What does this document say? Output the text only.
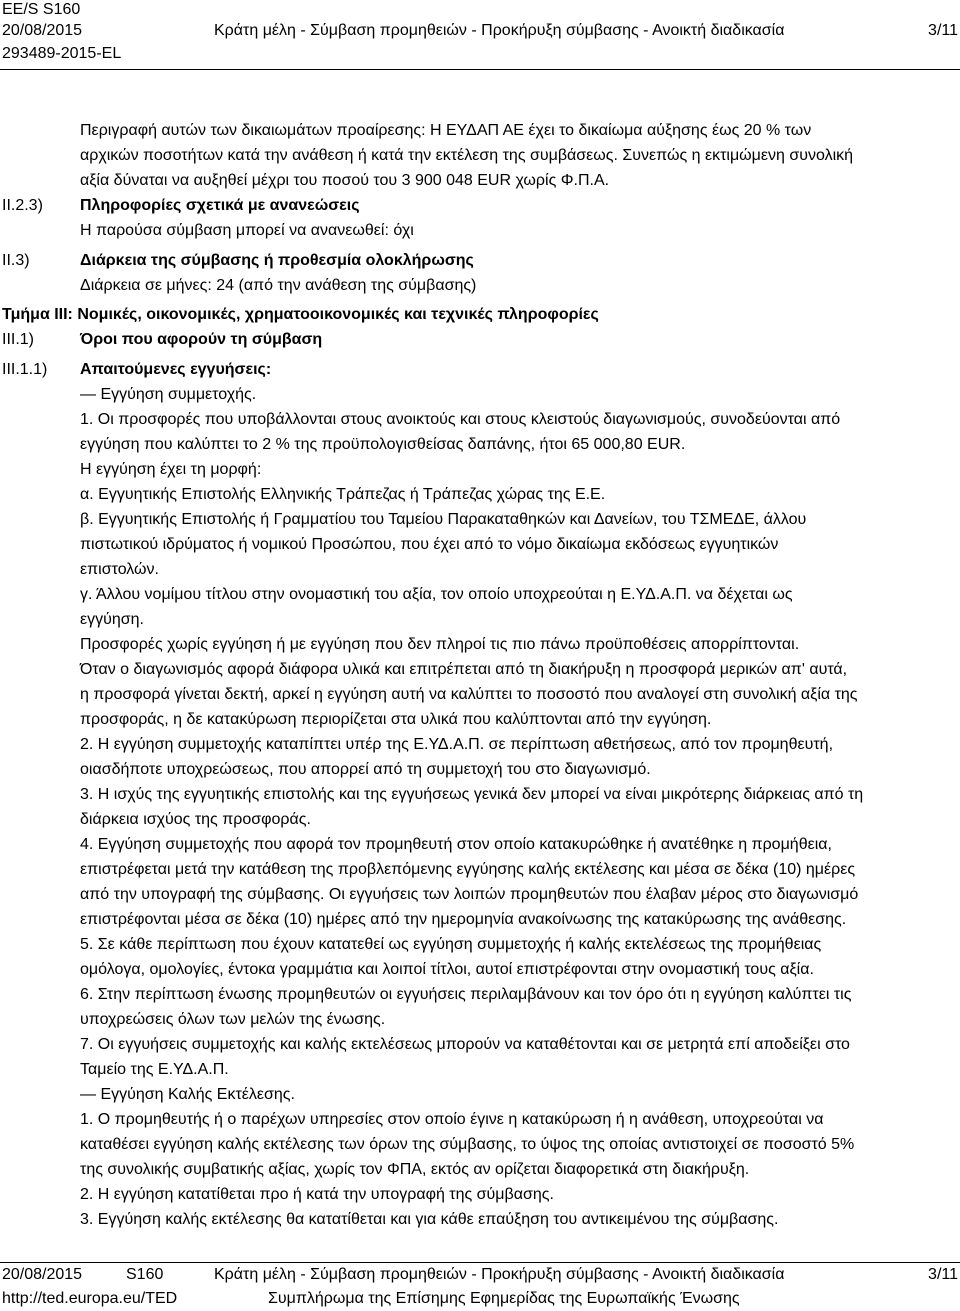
EE/S S160
20/08/2015
293489-2015-EL
Κράτη μέλη - Σύμβαση προμηθειών - Προκήρυξη σύμβασης - Ανοικτή διαδικασία	3/11
Περιγραφή αυτών των δικαιωμάτων προαίρεσης: Η ΕΥΔΑΠ ΑΕ έχει το δικαίωμα αύξησης έως 20 % των
αρχικών ποσοτήτων κατά την ανάθεση ή κατά την εκτέλεση της συμβάσεως. Συνεπώς η εκτιμώμενη συνολική
αξία δύναται να αυξηθεί μέχρι του ποσού του 3 900 048 EUR χωρίς Φ.Π.Α.
II.2.3) Πληροφορίες σχετικά με ανανεώσεις
Η παρούσα σύμβαση μπορεί να ανανεωθεί: όχι
II.3)	Διάρκεια της σύμβασης ή προθεσμία ολοκλήρωσης
Διάρκεια σε μήνες: 24 (από την ανάθεση της σύμβασης)
Τμήμα III: Νομικές, οικονομικές, χρηματοοικονομικές και τεχνικές πληροφορίες
III.1)	Όροι που αφορούν τη σύμβαση
III.1.1) Απαιτούμενες εγγυήσεις:
— Εγγύηση συμμετοχής.
1. Οι προσφορές που υποβάλλονται στους ανοικτούς και στους κλειστούς διαγωνισμούς, συνοδεύονται από
εγγύηση που καλύπτει το 2 % της προϋπολογισθείσας δαπάνης, ήτοι 65 000,80 EUR.
Η εγγύηση έχει τη μορφή:
α. Εγγυητικής Επιστολής Ελληνικής Τράπεζας ή Τράπεζας χώρας της Ε.Ε.
β. Εγγυητικής Επιστολής ή Γραμματίου του Ταμείου Παρακαταθηκών και Δανείων, του ΤΣΜΕΔΕ, άλλου
πιστωτικού ιδρύματος ή νομικού Προσώπου, που έχει από το νόμο δικαίωμα εκδόσεως εγγυητικών
επιστολών.
γ. Άλλου νομίμου τίτλου στην ονομαστική του αξία, τον οποίο υποχρεούται η Ε.ΥΔ.Α.Π. να δέχεται ως
εγγύηση.
Προσφορές χωρίς εγγύηση ή με εγγύηση που δεν πληροί τις πιο πάνω προϋποθέσεις απορρίπτονται.
Όταν ο διαγωνισμός αφορά διάφορα υλικά και επιτρέπεται από τη διακήρυξη η προσφορά μερικών απ' αυτά,
η προσφορά γίνεται δεκτή, αρκεί η εγγύηση αυτή να καλύπτει το ποσοστό που αναλογεί στη συνολική αξία της
προσφοράς, η δε κατακύρωση περιορίζεται στα υλικά που καλύπτονται από την εγγύηση.
2. Η εγγύηση συμμετοχής καταπίπτει υπέρ της Ε.ΥΔ.Α.Π. σε περίπτωση αθετήσεως, από τον προμηθευτή,
οιασδήποτε υποχρεώσεως, που απορρεί από τη συμμετοχή του στο διαγωνισμό.
3. Η ισχύς της εγγυητικής επιστολής και της εγγυήσεως γενικά δεν μπορεί να είναι μικρότερης διάρκειας από τη
διάρκεια ισχύος της προσφοράς.
4. Εγγύηση συμμετοχής που αφορά τον προμηθευτή στον οποίο κατακυρώθηκε ή ανατέθηκε η προμήθεια,
επιστρέφεται μετά την κατάθεση της προβλεπόμενης εγγύησης καλής εκτέλεσης και μέσα σε δέκα (10) ημέρες
από την υπογραφή της σύμβασης. Οι εγγυήσεις των λοιπών προμηθευτών που έλαβαν μέρος στο διαγωνισμό
επιστρέφονται μέσα σε δέκα (10) ημέρες από την ημερομηνία ανακοίνωσης της κατακύρωσης της ανάθεσης.
5. Σε κάθε περίπτωση που έχουν κατατεθεί ως εγγύηση συμμετοχής ή καλής εκτελέσεως της προμήθειας
ομόλογα, ομολογίες, έντοκα γραμμάτια και λοιποί τίτλοι, αυτοί επιστρέφονται στην ονομαστική τους αξία.
6. Στην περίπτωση ένωσης προμηθευτών οι εγγυήσεις περιλαμβάνουν και τον όρο ότι η εγγύηση καλύπτει τις
υποχρεώσεις όλων των μελών της ένωσης.
7. Οι εγγυήσεις συμμετοχής και καλής εκτελέσεως μπορούν να καταθέτονται και σε μετρητά επί αποδείξει στο
Ταμείο της Ε.ΥΔ.Α.Π.
— Εγγύηση Καλής Εκτέλεσης.
1. Ο προμηθευτής ή ο παρέχων υπηρεσίες στον οποίο έγινε η κατακύρωση ή η ανάθεση, υποχρεούται να
καταθέσει εγγύηση καλής εκτέλεσης των όρων της σύμβασης, το ύψος της οποίας αντιστοιχεί σε ποσοστό 5%
της συνολικής συμβατικής αξίας, χωρίς τον ΦΠΑ, εκτός αν ορίζεται διαφορετικά στη διακήρυξη.
2. Η εγγύηση κατατίθεται προ ή κατά την υπογραφή της σύμβασης.
3. Εγγύηση καλής εκτέλεσης θα κατατίθεται και για κάθε επαύξηση του αντικειμένου της σύμβασης.
20/08/2015	S160	Κράτη μέλη - Σύμβαση προμηθειών - Προκήρυξη σύμβασης - Ανοικτή διαδικασία	3/11
http://ted.europa.eu/TED	Συμπλήρωμα της Επίσημης Εφημερίδας της Ευρωπαϊκής Ένωσης
